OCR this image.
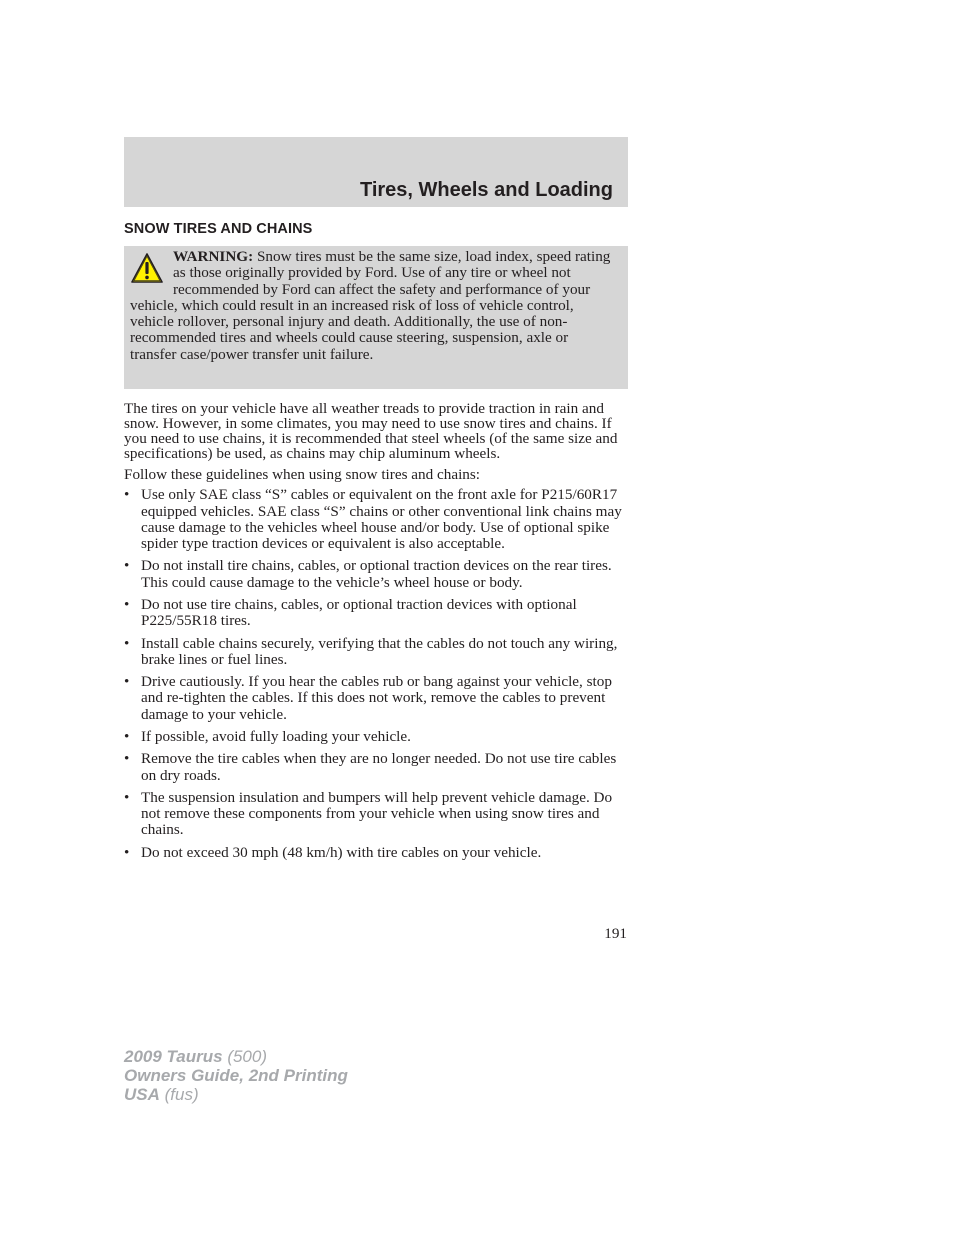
Tires, Wheels and Loading
SNOW TIRES AND CHAINS
WARNING: Snow tires must be the same size, load index, speed rating as those originally provided by Ford. Use of any tire or wheel not recommended by Ford can affect the safety and performance of your vehicle, which could result in an increased risk of loss of vehicle control, vehicle rollover, personal injury and death. Additionally, the use of non-recommended tires and wheels could cause steering, suspension, axle or transfer case/power transfer unit failure.

The tires on your vehicle have all weather treads to provide traction in rain and snow. However, in some climates, you may need to use snow tires and chains. If you need to use chains, it is recommended that steel wheels (of the same size and specifications) be used, as chains may chip aluminum wheels.

Follow these guidelines when using snow tires and chains:

• Use only SAE class “S” cables or equivalent on the front axle for P215/60R17 equipped vehicles. SAE class “S” chains or other conventional link chains may cause damage to the vehicles wheel house and/or body. Use of optional spike spider type traction devices or equivalent is also acceptable.
• Do not install tire chains, cables, or optional traction devices on the rear tires. This could cause damage to the vehicle’s wheel house or body.
• Do not use tire chains, cables, or optional traction devices with optional P225/55R18 tires.
• Install cable chains securely, verifying that the cables do not touch any wiring, brake lines or fuel lines.
• Drive cautiously. If you hear the cables rub or bang against your vehicle, stop and re-tighten the cables. If this does not work, remove the cables to prevent damage to your vehicle.
• If possible, avoid fully loading your vehicle.
• Remove the tire cables when they are no longer needed. Do not use tire cables on dry roads.
• The suspension insulation and bumpers will help prevent vehicle damage. Do not remove these components from your vehicle when using snow tires and chains.
• Do not exceed 30 mph (48 km/h) with tire cables on your vehicle.
191
2009 Taurus (500)
Owners Guide, 2nd Printing
USA (fus)
